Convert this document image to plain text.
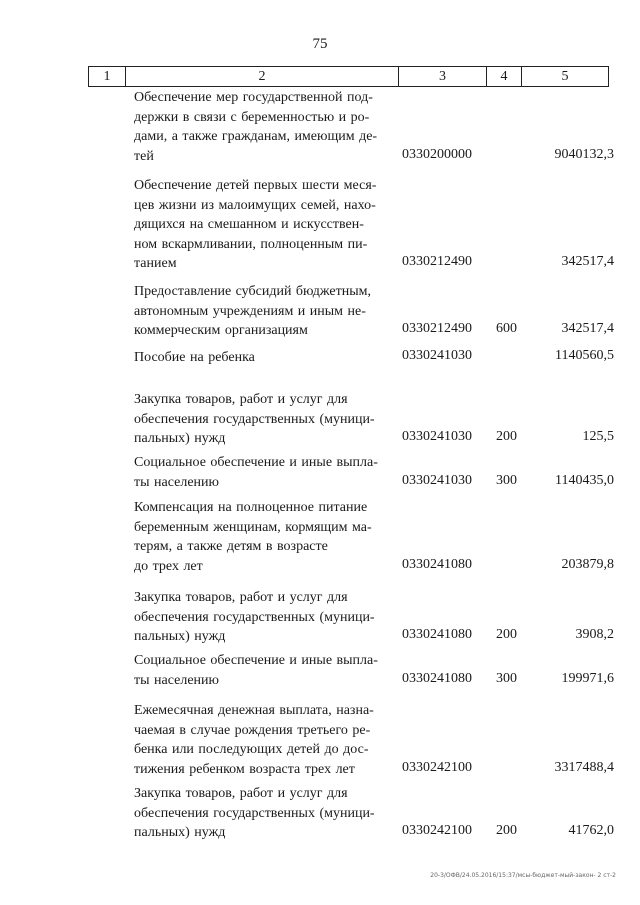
75
1	2	3	4	5
Обеспечение мер государственной под-
держки в связи с беременностью и ро-
дами, а также гражданам, имеющим де-
тей	0330200000	9040132,3
Обеспечение детей первых шести меся-
цев жизни из малоимущих семей, нахо-
дящихся на смешанном и искусствен-
ном вскармливании, полноценным пи-
танием	0330212490	342517,4
Предоставление субсидий бюджетным,
автономным учреждениям и иным не-
коммерческим организациям	0330212490 600	342517,4
Пособие на ребенка	0330241030	1140560,5
Закупка товаров, работ и услуг для
обеспечения государственных (муници-
пальных) нужд	0330241030 200	125,5
Социальное обеспечение и иные выпла-
ты населению	0330241030 300	1140435,0
Компенсация на полноценное питание
беременным женщинам, кормящим ма-
терям, а также детям в возрасте
до трех лет	0330241080	203879,8
Закупка товаров, работ и услуг для
обеспечения государственных (муници-
пальных) нужд	0330241080 200	3908,2
Социальное обеспечение и иные выпла-
ты населению	0330241080 300	199971,6
Ежемесячная денежная выплата, назна-
чаемая в случае рождения третьего ре-
бенка или последующих детей до дос-
тижения ребенком возраста трех лет	0330242100	3317488,4
Закупка товаров, работ и услуг для
обеспечения государственных (муници-
пальных) нужд	0330242100 200	41762,0
20-3/ОФВ/24.05.2016/15:37/мсы-бюджет-мый-закон- 2 ст-2
